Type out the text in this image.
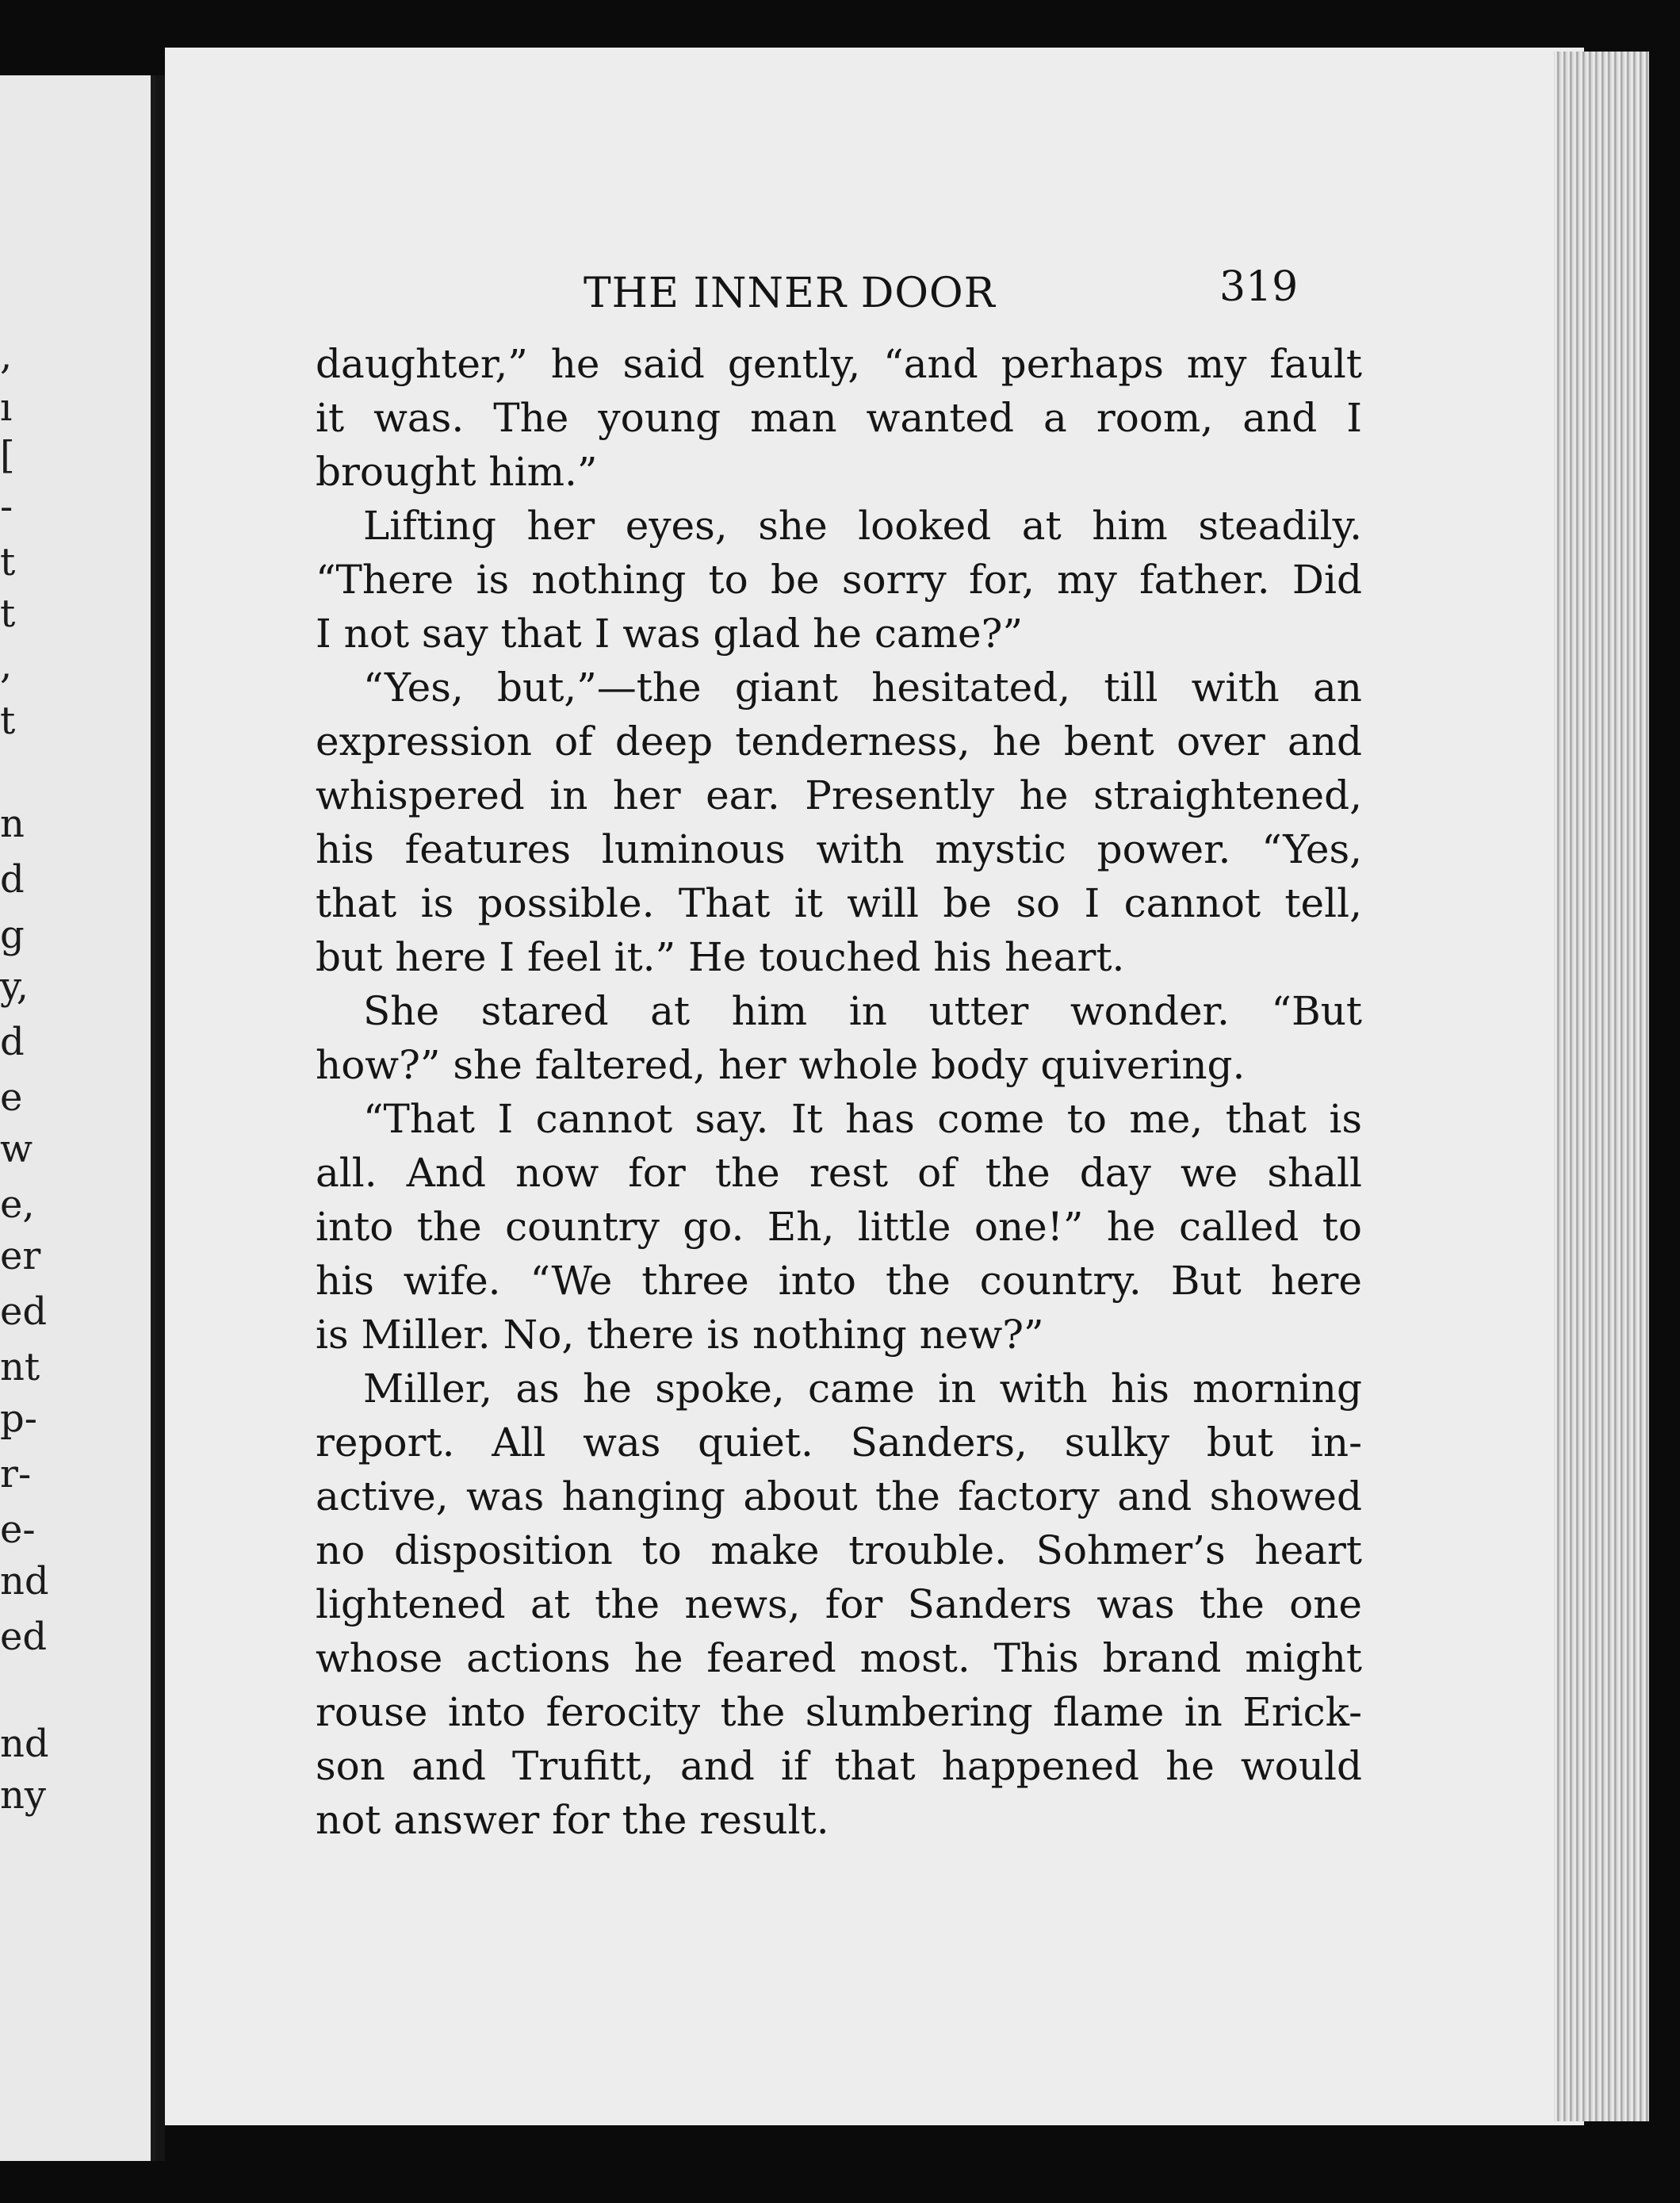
,
ı
[
-
t
t
,
t
n
d
g
y,
d
e
w
e,
er
ed
nt
p-
r-
e-
nd
ed
nd
ny
THE INNER DOOR	319
daughter,” he said gently, “and perhaps my fault
it was. The young man wanted a room, and I
brought him.”
Lifting her eyes, she looked at him steadily.
“There is nothing to be sorry for, my father. Did
I not say that I was glad he came?”
“Yes, but,”—the giant hesitated, till with an
expression of deep tenderness, he bent over and
whispered in her ear. Presently he straightened,
his features luminous with mystic power. “Yes,
that is possible. That it will be so I cannot tell,
but here I feel it.” He touched his heart.
She stared at him in utter wonder. “But
how?” she faltered, her whole body quivering.
“That I cannot say. It has come to me, that is
all. And now for the rest of the day we shall
into the country go. Eh, little one!” he called to
his wife. “We three into the country. But here
is Miller. No, there is nothing new?”
Miller, as he spoke, came in with his morning
report. All was quiet. Sanders, sulky but in-
active, was hanging about the factory and showed
no disposition to make trouble. Sohmer’s heart
lightened at the news, for Sanders was the one
whose actions he feared most. This brand might
rouse into ferocity the slumbering flame in Erick-
son and Trufitt, and if that happened he would
not answer for the result.
